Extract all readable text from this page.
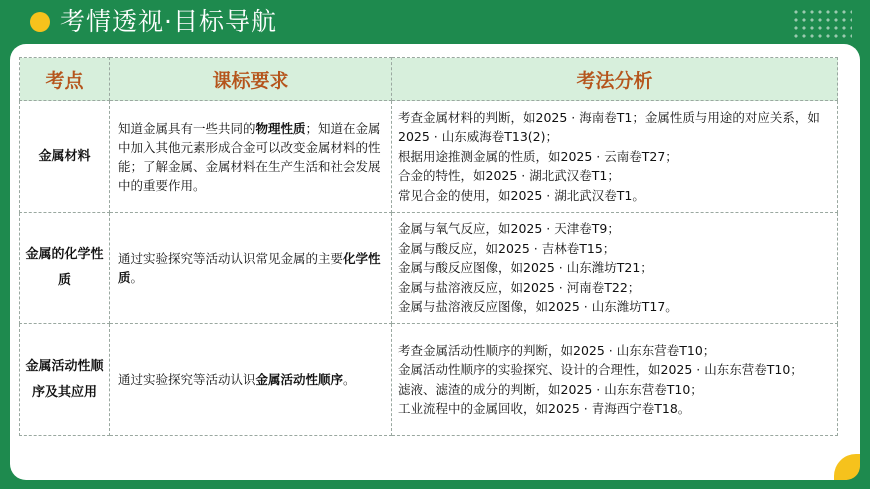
考情透视·目标导航
考点	课标要求	考法分析
金属材料	知道金属具有一些共同的物理性质；知道在金属中加入其他元素形成合金可以改变金属材料的性能；了解金属、金属材料在生产生活和社会发展中的重要作用。	考查金属材料的判断，如2025 · 海南卷T1；金属性质与用途的对应关系，如2025 · 山东威海卷T13(2)；
根据用途推测金属的性质，如2025 · 云南卷T27；
合金的特性，如2025 · 湖北武汉卷T1；
常见合金的使用，如2025 · 湖北武汉卷T1。

金属的化学性质	通过实验探究等活动认识常见金属的主要化学性质。	金属与氧气反应，如2025 · 天津卷T9；
金属与酸反应，如2025 · 吉林卷T15；
金属与酸反应图像，如2025 · 山东潍坊T21；
金属与盐溶液反应，如2025 · 河南卷T22；
金属与盐溶液反应图像，如2025 · 山东潍坊T17。

金属活动性顺序及其应用	通过实验探究等活动认识金属活动性顺序。	考查金属活动性顺序的判断，如2025 · 山东东营卷T10；
金属活动性顺序的实验探究、设计的合理性，如2025 · 山东东营卷T10；
滤液、滤渣的成分的判断，如2025 · 山东东营卷T10；
工业流程中的金属回收，如2025 · 青海西宁卷T18。
